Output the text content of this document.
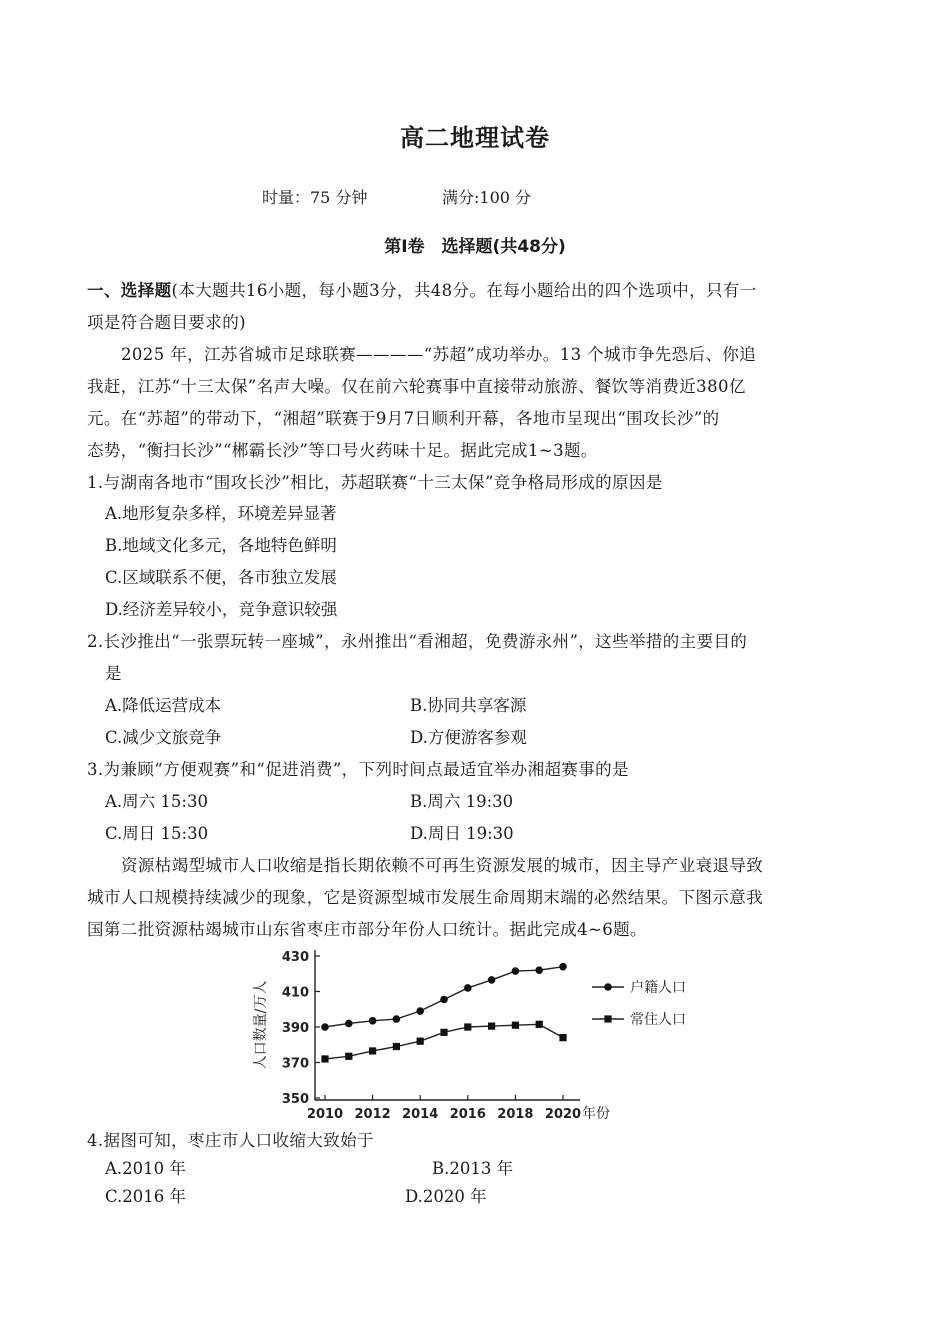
高二地理试卷
时量：75 分钟	满分:100 分
第Ⅰ卷　选择题(共48分)
一、选择题(本大题共16小题，每小题3分，共48分。在每小题给出的四个选项中，只有一
项是符合题目要求的)
2025 年，江苏省城市足球联赛————“苏超”成功举办。13 个城市争先恐后、你追
我赶，江苏“十三太保”名声大噪。仅在前六轮赛事中直接带动旅游、餐饮等消费近380亿
元。在“苏超”的带动下，“湘超”联赛于9月7日顺利开幕，各地市呈现出“围攻长沙”的
态势，“衡扫长沙”“郴霸长沙”等口号火药味十足。据此完成1~3题。
1.与湖南各地市“围攻长沙”相比，苏超联赛“十三太保”竞争格局形成的原因是
A.地形复杂多样，环境差异显著
B.地域文化多元，各地特色鲜明
C.区域联系不便，各市独立发展
D.经济差异较小，竞争意识较强
2.长沙推出“一张票玩转一座城”，永州推出“看湘超，免费游永州”，这些举措的主要目的
是
A.降低运营成本	B.协同共享客源
C.减少文旅竞争	D.方便游客参观
3.为兼顾“方便观赛”和“促进消费”，下列时间点最适宜举办湘超赛事的是
A.周六 15:30	B.周六 19:30
C.周日 15:30	D.周日 19:30
资源枯竭型城市人口收缩是指长期依赖不可再生资源发展的城市，因主导产业衰退导致
城市人口规模持续减少的现象，它是资源型城市发展生命周期末端的必然结果。下图示意我
国第二批资源枯竭城市山东省枣庄市部分年份人口统计。据此完成4~6题。
人口数量/万人
430
410
390
370
350
2010 2012 2014 2016 2018 2020 年份
户籍人口
常住人口
4.据图可知，枣庄市人口收缩大致始于
A.2010 年	B.2013 年
C.2016 年	D.2020 年
